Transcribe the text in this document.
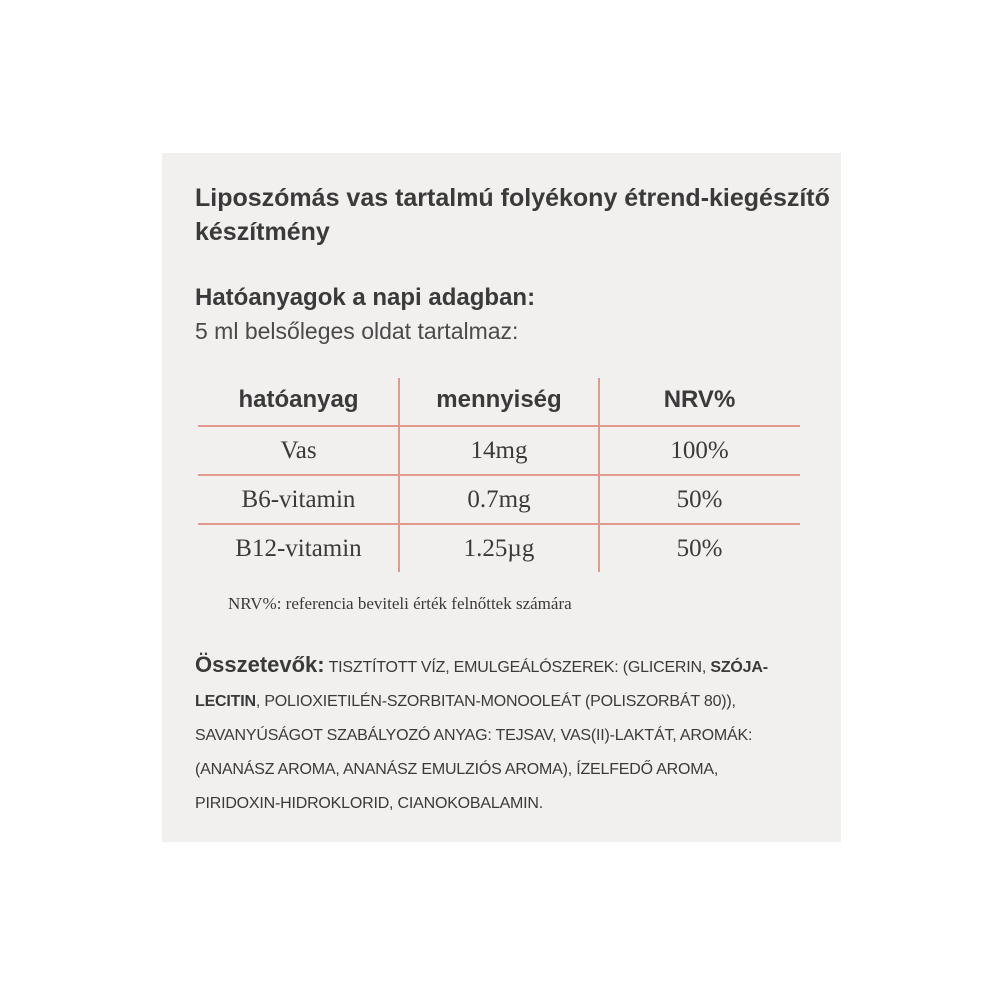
Liposzómás vas tartalmú folyékony étrend-kiegészítő készítmény
Hatóanyagok a napi adagban:
5 ml belsőleges oldat tartalmaz:
hatóanyag	mennyiség	NRV%
Vas	14mg	100%
B6-vitamin	0.7mg	50%
B12-vitamin	1.25µg	50%
NRV%: referencia beviteli érték felnőttek számára
Összetevők: TISZTÍTOTT VÍZ, EMULGEÁLÓSZEREK: (GLICERIN, SZÓJA-LECITIN, POLIOXIETILÉN-SZORBITAN-MONOOLEÁT (POLISZORBÁT 80)), SAVANYÚSÁGOT SZABÁLYOZÓ ANYAG: TEJSAV, VAS(II)-LAKTÁT, AROMÁK: (ANANÁSZ AROMA, ANANÁSZ EMULZIÓS AROMA), ÍZELFEDŐ AROMA, PIRIDOXIN-HIDROKLORID, CIANOKOBALAMIN.
